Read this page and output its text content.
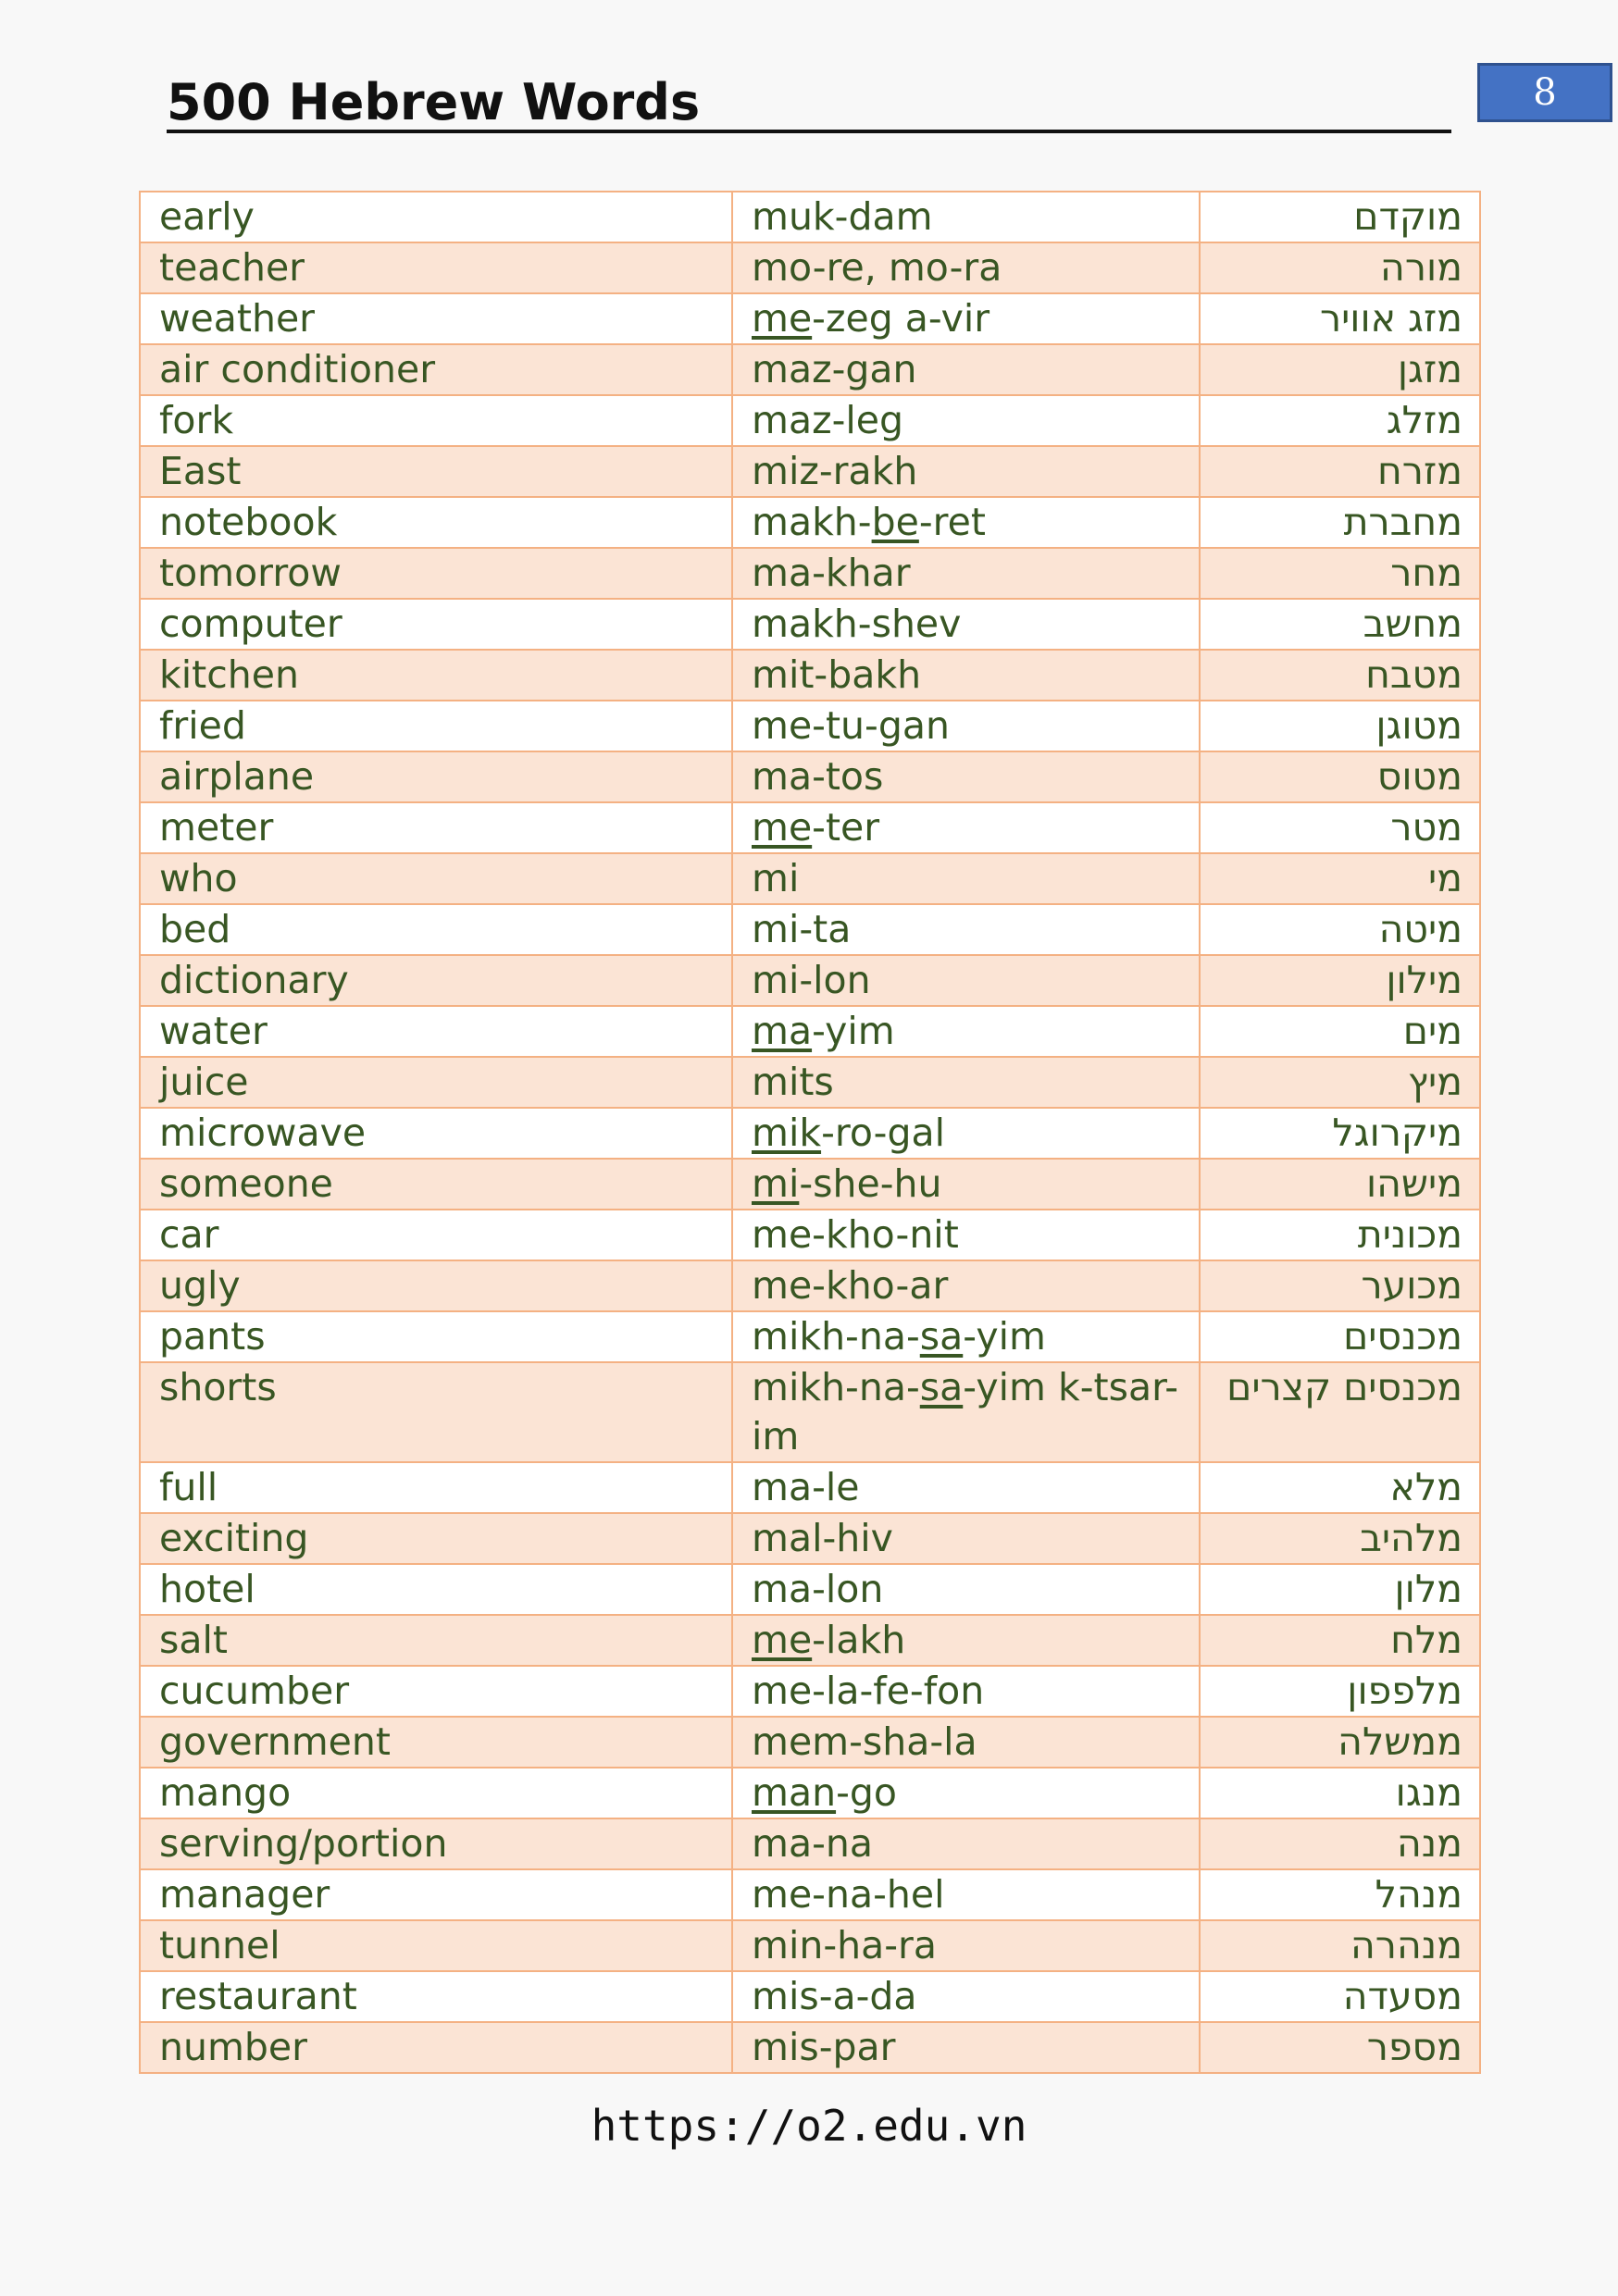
500 Hebrew Words	8
early	muk-dam	מוקדם
teacher	mo-re, mo-ra	מורה
weather	me-zeg a-vir	מזג אוויר
air conditioner	maz-gan	מזגן
fork	maz-leg	מזלג
East	miz-rakh	מזרח
notebook	makh-be-ret	מחברת
tomorrow	ma-khar	מחר
computer	makh-shev	מחשב
kitchen	mit-bakh	מטבח
fried	me-tu-gan	מטוגן
airplane	ma-tos	מטוס
meter	me-ter	מטר
who	mi	מי
bed	mi-ta	מיטה
dictionary	mi-lon	מילון
water	ma-yim	מים
juice	mits	מיץ
microwave	mik-ro-gal	מיקרוגל
someone	mi-she-hu	מישהו
car	me-kho-nit	מכונית
ugly	me-kho-ar	מכוער
pants	mikh-na-sa-yim	מכנסים
shorts	mikh-na-sa-yim k-tsar-im	מכנסים קצרים
full	ma-le	מלא
exciting	mal-hiv	מלהיב
hotel	ma-lon	מלון
salt	me-lakh	מלח
cucumber	me-la-fe-fon	מלפפון
government	mem-sha-la	ממשלה
mango	man-go	מנגו
serving/portion	ma-na	מנה
manager	me-na-hel	מנהל
tunnel	min-ha-ra	מנהרה
restaurant	mis-a-da	מסעדה
number	mis-par	מספר
https://o2.edu.vn
